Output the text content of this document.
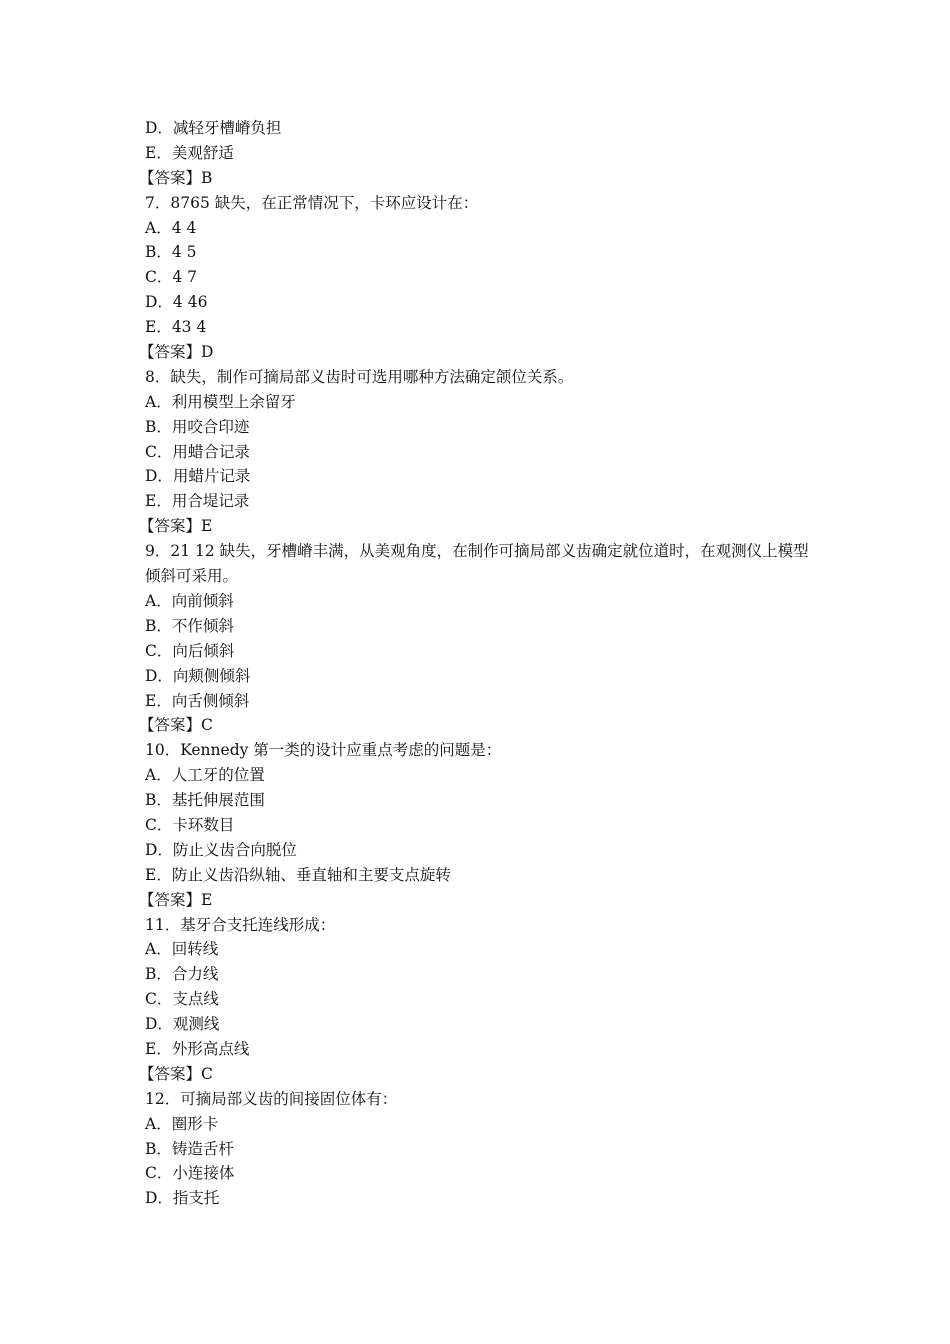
D．减轻牙槽嵴负担
E．美观舒适
【答案】B
7．8765 缺失，在正常情况下，卡环应设计在：
A．4 4
B．4 5
C．4 7
D．4 46
E．43 4
【答案】D
8．缺失，制作可摘局部义齿时可选用哪种方法确定颌位关系。
A．利用模型上余留牙
B．用咬合印迹
C．用蜡合记录
D．用蜡片记录
E．用合堤记录
【答案】E
9．21 12 缺失，牙槽嵴丰满，从美观角度，在制作可摘局部义齿确定就位道时，在观测仪上模型倾斜可采用。
A．向前倾斜
B．不作倾斜
C．向后倾斜
D．向颊侧倾斜
E．向舌侧倾斜
【答案】C
10．Kennedy 第一类的设计应重点考虑的问题是：
A．人工牙的位置
B．基托伸展范围
C．卡环数目
D．防止义齿合向脱位
E．防止义齿沿纵轴、垂直轴和主要支点旋转
【答案】E
11．基牙合支托连线形成：
A．回转线
B．合力线
C．支点线
D．观测线
E．外形高点线
【答案】C
12．可摘局部义齿的间接固位体有：
A．圈形卡
B．铸造舌杆
C．小连接体
D．指支托
